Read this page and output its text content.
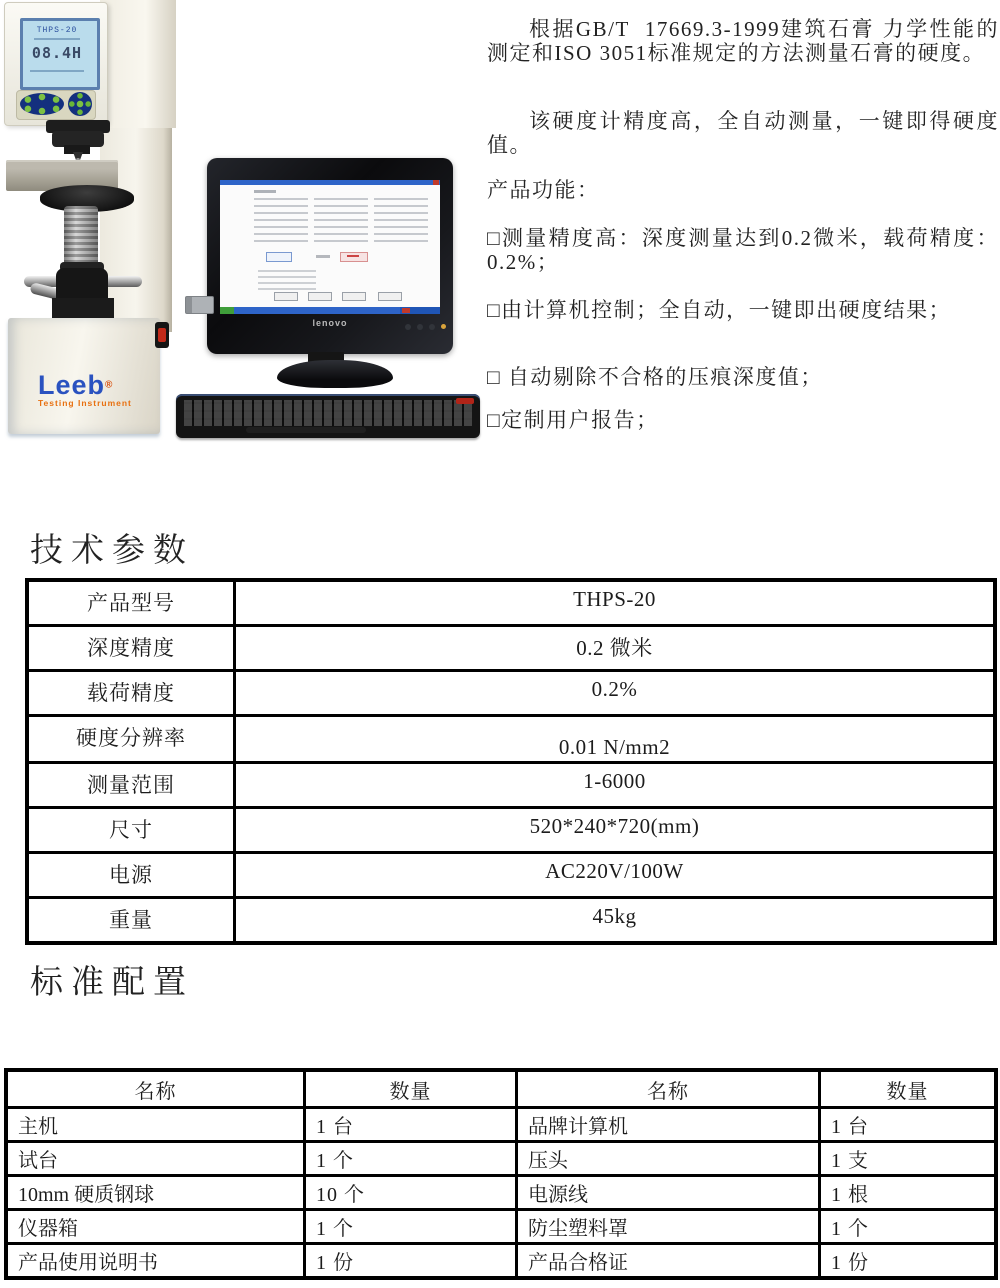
THPS-20
08.4H
Leeb®
Testing Instrument
lenovo

根据GB/T  17669.3-1999建筑石膏 力学性能的测定和ISO 3051标准规定的方法测量石膏的硬度。

该硬度计精度高，全自动测量，一键即得硬度值。

产品功能：

□测量精度高：深度测量达到0.2微米，载荷精度：0.2%；

□由计算机控制；全自动，一键即出硬度结果；

□ 自动剔除不合格的压痕深度值；

□定制用户报告；

技术参数
产品型号	THPS-20
深度精度	0.2 微米
载荷精度	0.2%
硬度分辨率	0.01 N/mm2
测量范围	1-6000
尺寸	520*240*720(mm)
电源	AC220V/100W
重量	45kg
标准配置
名称	数量	名称	数量
主机	1 台	品牌计算机	1 台
试台	1 个	压头	1 支
10mm 硬质钢球	10 个	电源线	1 根
仪器箱	1 个	防尘塑料罩	1 个
产品使用说明书	1 份	产品合格证	1 份
